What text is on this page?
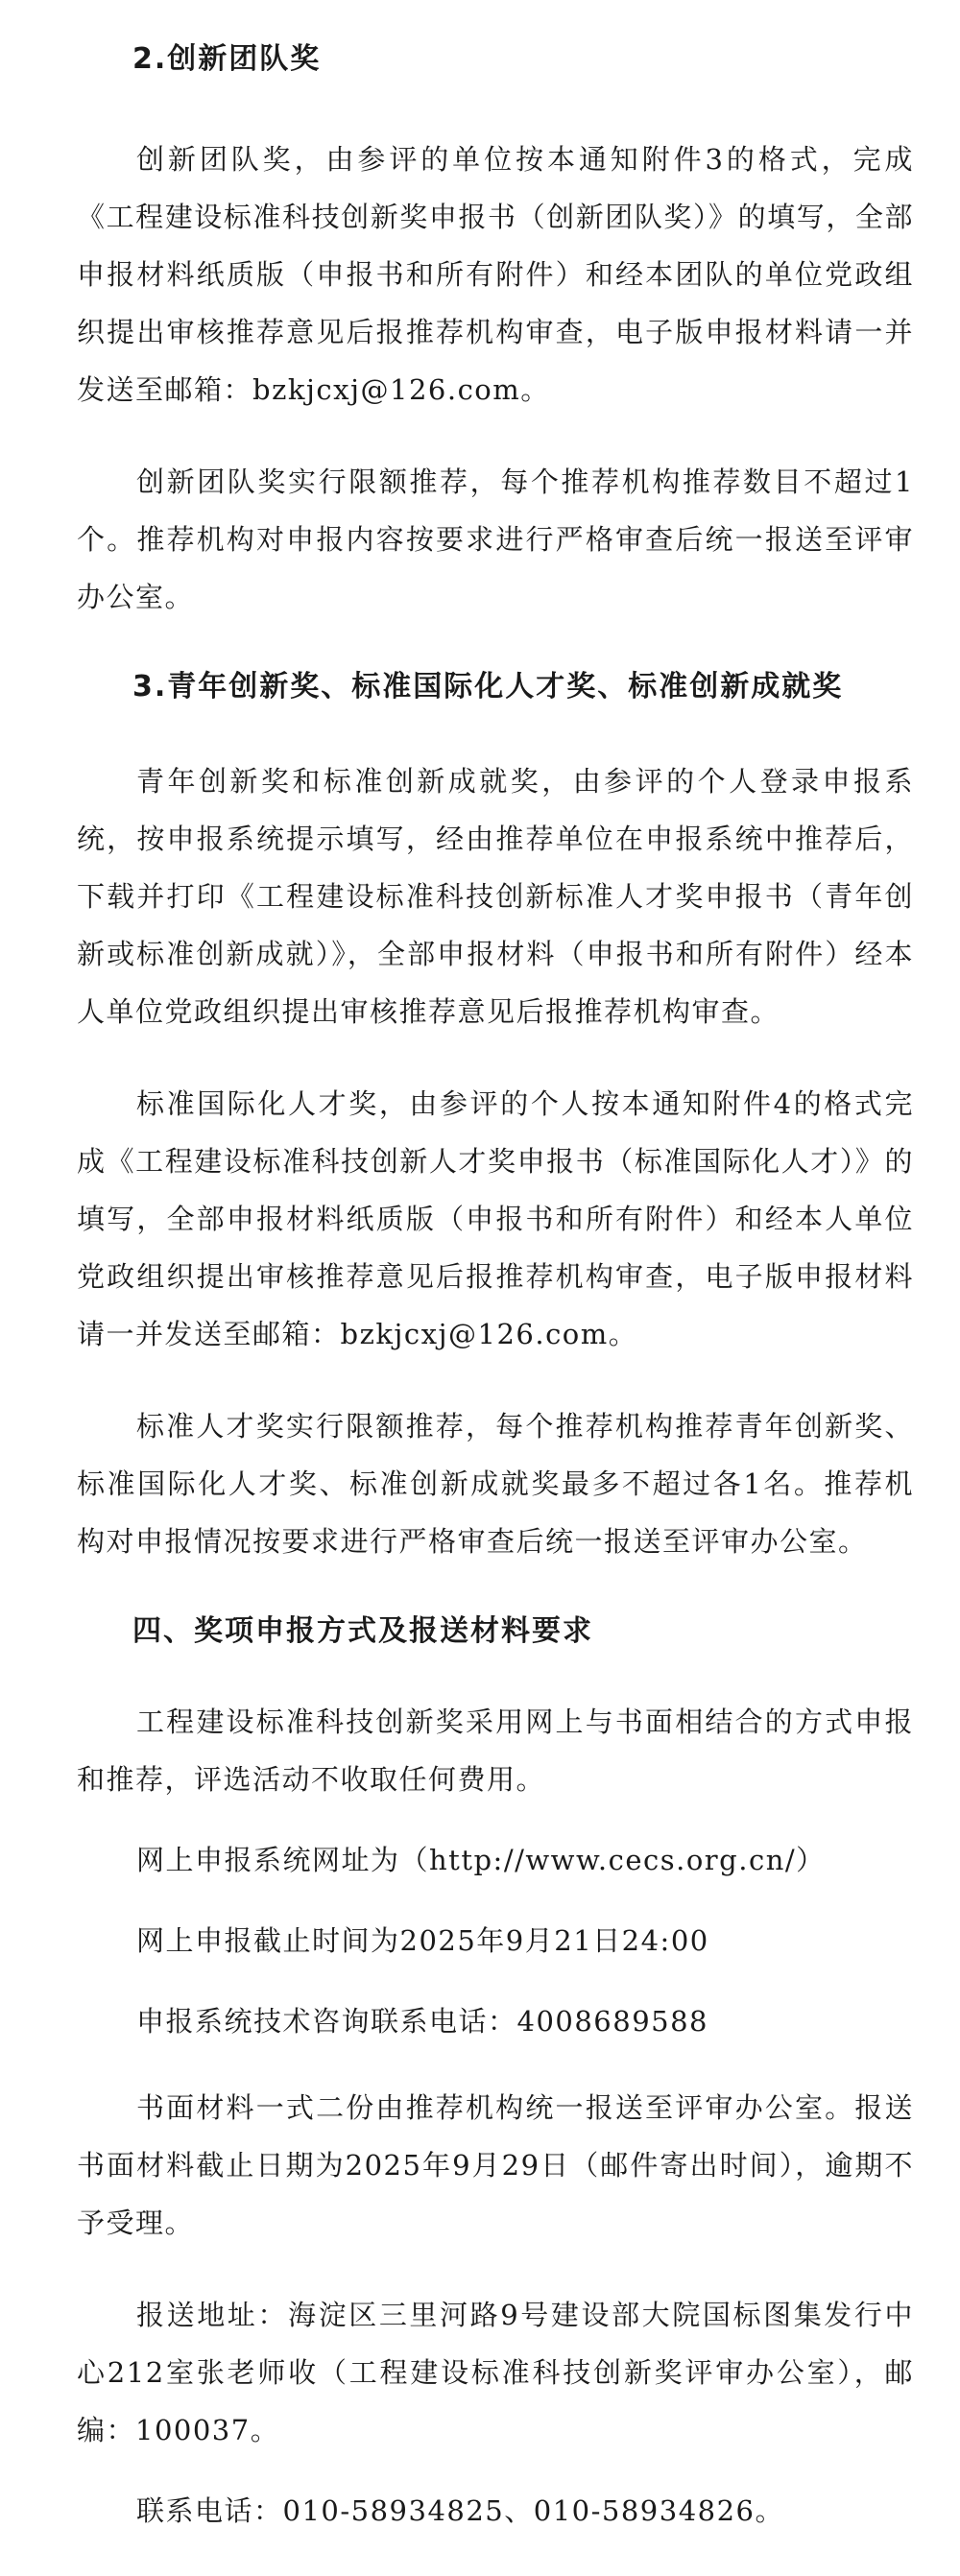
2.创新团队奖

创新团队奖，由参评的单位按本通知附件3的格式，完成《工程建设标准科技创新奖申报书（创新团队奖）》的填写，全部申报材料纸质版（申报书和所有附件）和经本团队的单位党政组织提出审核推荐意见后报推荐机构审查，电子版申报材料请一并发送至邮箱：bzkjcxj@126.com。

创新团队奖实行限额推荐，每个推荐机构推荐数目不超过1个。推荐机构对申报内容按要求进行严格审查后统一报送至评审办公室。

3.青年创新奖、标准国际化人才奖、标准创新成就奖

青年创新奖和标准创新成就奖，由参评的个人登录申报系统，按申报系统提示填写，经由推荐单位在申报系统中推荐后，下载并打印《工程建设标准科技创新标准人才奖申报书（青年创新或标准创新成就）》，全部申报材料（申报书和所有附件）经本人单位党政组织提出审核推荐意见后报推荐机构审查。

标准国际化人才奖，由参评的个人按本通知附件4的格式完成《工程建设标准科技创新人才奖申报书（标准国际化人才）》的填写，全部申报材料纸质版（申报书和所有附件）和经本人单位党政组织提出审核推荐意见后报推荐机构审查，电子版申报材料请一并发送至邮箱：bzkjcxj@126.com。

标准人才奖实行限额推荐，每个推荐机构推荐青年创新奖、标准国际化人才奖、标准创新成就奖最多不超过各1名。推荐机构对申报情况按要求进行严格审查后统一报送至评审办公室。

四、奖项申报方式及报送材料要求

工程建设标准科技创新奖采用网上与书面相结合的方式申报和推荐，评选活动不收取任何费用。

网上申报系统网址为（http://www.cecs.org.cn/）

网上申报截止时间为2025年9月21日24:00

申报系统技术咨询联系电话：4008689588

书面材料一式二份由推荐机构统一报送至评审办公室。报送书面材料截止日期为2025年9月29日（邮件寄出时间），逾期不予受理。

报送地址：海淀区三里河路9号建设部大院国标图集发行中心212室张老师收（工程建设标准科技创新奖评审办公室），邮编：100037。

联系电话：010-58934825、010-58934826。
